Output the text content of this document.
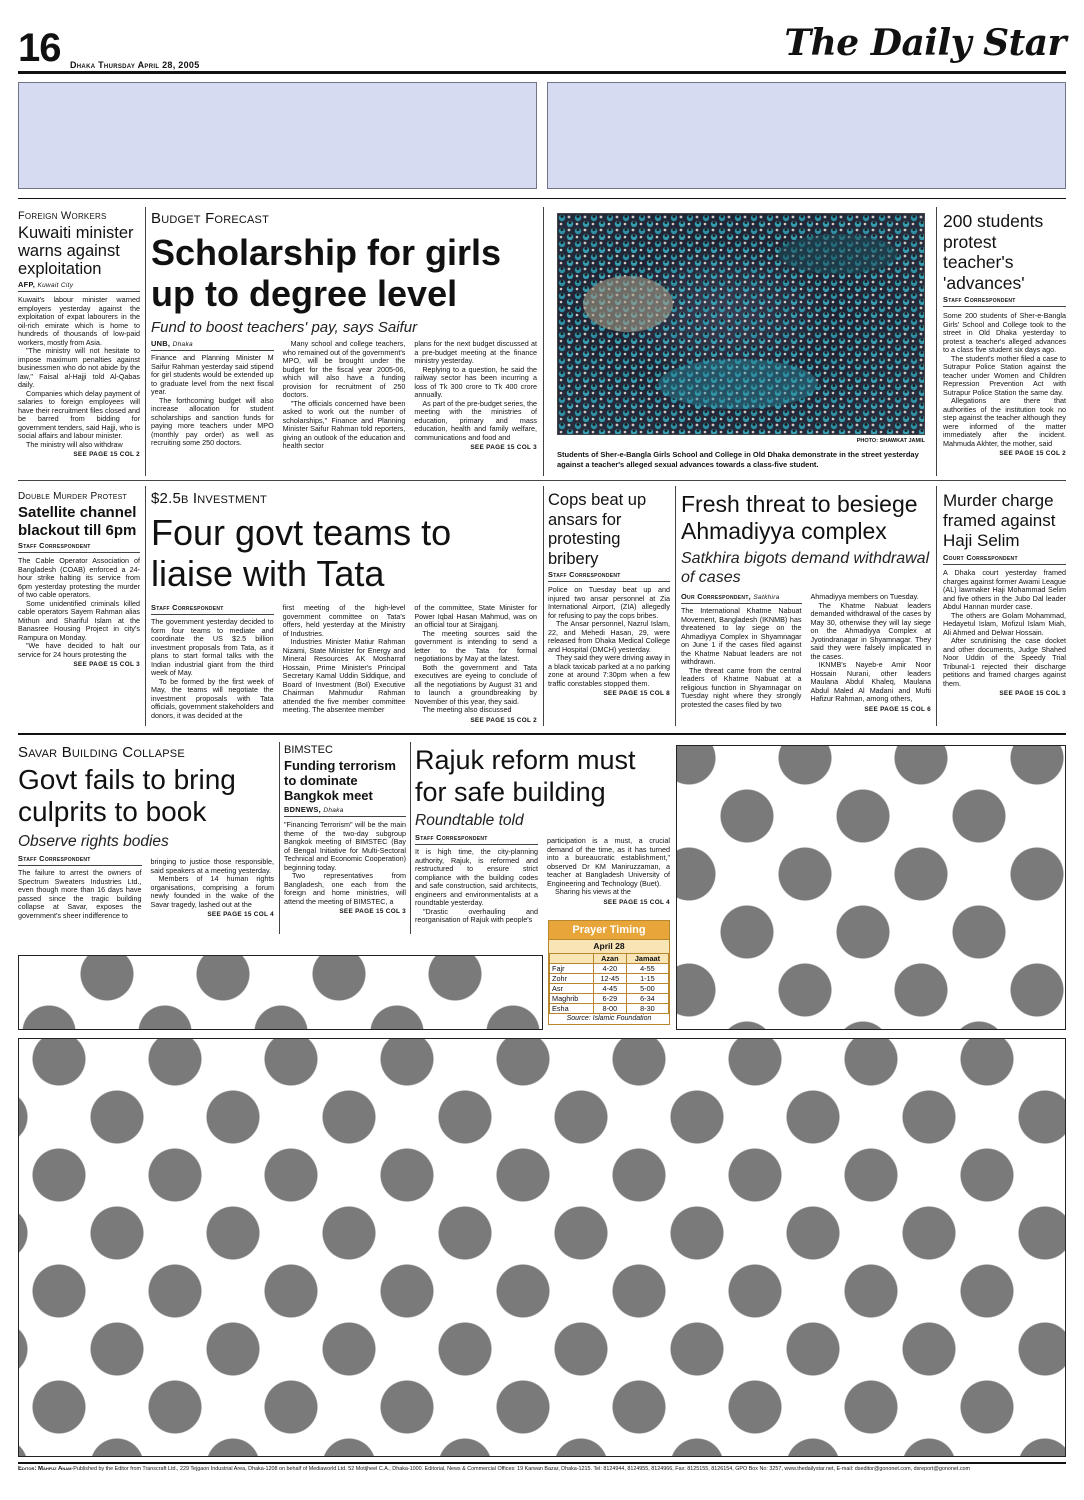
16 Dhaka Thursday April 28, 2005
The Daily Star
Foreign Workers
Kuwaiti minister warns against exploitation
AFP, Kuwait City

Kuwait's labour minister warned employers yesterday against the exploitation of expat labourers in the oil-rich emirate which is home to hundreds of thousands of low-paid workers, mostly from Asia.

"The ministry will not hesitate to impose maximum penalties against businessmen who do not abide by the law," Faisal al-Hajji told Al-Qabas daily.

Companies which delay payment of salaries to foreign employees will have their recruitment files closed and be barred from bidding for government tenders, said Hajji, who is social affairs and labour minister.

The ministry will also withdraw

SEE PAGE 15 COL 2
Budget Forecast
Scholarship for girls up to degree level
Fund to boost teachers' pay, says Saifur
UNB, Dhaka

Finance and Planning Minister M Saifur Rahman yesterday said stipend for girl students would be extended up to graduate level from the next fiscal year.

The forthcoming budget will also increase allocation for student scholarships and sanction funds for paying more teachers under MPO (monthly pay order) as well as recruiting some 250 doctors.

Many school and college teachers, who remained out of the government's MPO, will be brought under the budget for the fiscal year 2005-06, which will also have a funding provision for recruitment of 250 doctors.

"The officials concerned have been asked to work out the number of scholarships," Finance and Planning Minister Saifur Rahman told reporters, giving an outlook of the education and health sector

plans for the next budget discussed at a pre-budget meeting at the finance ministry yesterday.

Replying to a question, he said the railway sector has been incurring a loss of Tk 300 crore to Tk 400 crore annually.

As part of the pre-budget series, the meeting with the ministries of education, primary and mass education, health and family welfare, communications and food and

SEE PAGE 15 COL 3
PHOTO: SHAWKAT JAMIL
Students of Sher-e-Bangla Girls School and College in Old Dhaka demonstrate in the street yesterday against a teacher's alleged sexual advances towards a class-five student.
200 students protest teacher's 'advances'
Staff Correspondent

Some 200 students of Sher-e-Bangla Girls' School and College took to the street in Old Dhaka yesterday to protest a teacher's alleged advances to a class five student six days ago.

The student's mother filed a case to Sutrapur Police Station against the teacher under Women and Children Repression Prevention Act with Sutrapur Police Station the same day.

Allegations are there that authorities of the institution took no step against the teacher although they were informed of the matter immediately after the incident. Mahmuda Akhter, the mother, said

SEE PAGE 15 COL 2
Double Murder Protest
Satellite channel blackout till 6pm
Staff Correspondent

The Cable Operator Association of Bangladesh (COAB) enforced a 24-hour strike halting its service from 6pm yesterday protesting the murder of two cable operators.

Some unidentified criminals killed cable operators Sayem Rahman alias Mithun and Shariful Islam at the Banasree Housing Project in city's Rampura on Monday.

"We have decided to halt our service for 24 hours protesting the

SEE PAGE 15 COL 3
$2.5b Investment
Four govt teams to liaise with Tata
Staff Correspondent

The government yesterday decided to form four teams to mediate and coordinate the US $2.5 billion investment proposals from Tata, as it plans to start formal talks with the Indian industrial giant from the third week of May.

To be formed by the first week of May, the teams will negotiate the investment proposals with Tata officials, government stakeholders and donors, it was decided at the

first meeting of the high-level government committee on Tata's offers, held yesterday at the Ministry of Industries.

Industries Minister Matiur Rahman Nizami, State Minister for Energy and Mineral Resources AK Mosharraf Hossain, Prime Minister's Principal Secretary Kamal Uddin Siddique, and Board of Investment (BoI) Executive Chairman Mahmudur Rahman attended the five member committee meeting. The absentee member

of the committee, State Minister for Power Iqbal Hasan Mahmud, was on an official tour at Sirajganj.

The meeting sources said the government is intending to send a letter to the Tata for formal negotiations by May at the latest.

Both the government and Tata executives are eyeing to conclude of all the negotiations by August 31 and to launch a groundbreaking by November of this year, they said.

The meeting also discussed

SEE PAGE 15 COL 2
Cops beat up ansars for protesting bribery
Staff Correspondent

Police on Tuesday beat up and injured two ansar personnel at Zia International Airport, (ZIA) allegedly for refusing to pay the cops bribes.

The Ansar personnel, Nazrul Islam, 22, and Mehedi Hasan, 29, were released from Dhaka Medical College and Hospital (DMCH) yesterday.

They said they were driving away in a black taxicab parked at a no parking zone at around 7:30pm when a few traffic constables stopped them.

SEE PAGE 15 COL 8
Fresh threat to besiege Ahmadiyya complex
Satkhira bigots demand withdrawal of cases
Our Correspondent, Satkhira

The International Khatme Nabuat Movement, Bangladesh (IKNMB) has threatened to lay siege on the Ahmadiyya Complex in Shyamnagar on June 1 if the cases filed against the Khatme Nabuat leaders are not withdrawn.

The threat came from the central leaders of Khatme Nabuat at a religious function in Shyamnagar on Tuesday night where they strongly protested the cases filed by two

Ahmadiyya members on Tuesday.

The Khatme Nabuat leaders demanded withdrawal of the cases by May 30, otherwise they will lay siege on the Ahmadiyya Complex at Jyotindranagar in Shyamnagar. They said they were falsely implicated in the cases.

IKNMB's Nayeb-e Amir Noor Hossain Nurani, other leaders Maulana Abdul Khaleq, Maulana Abdul Maled Al Madani and Mufti Hafizur Rahman, among others,

SEE PAGE 15 COL 6
Murder charge framed against Haji Selim
Court Correspondent

A Dhaka court yesterday framed charges against former Awami League (AL) lawmaker Haji Mohammad Selim and five others in the Jubo Dal leader Abdul Hannan murder case.

The others are Golam Mohammad, Hedayetul Islam, Mofizul Islam Miah, Ali Ahmed and Delwar Hossain.

After scrutinising the case docket and other documents, Judge Shahed Noor Uddin of the Speedy Trial Tribunal-1 rejected their discharge petitions and framed charges against them.

SEE PAGE 15 COL 3
Savar Building Collapse
Govt fails to bring culprits to book
Observe rights bodies
Staff Correspondent

The failure to arrest the owners of Spectrum Sweaters Industries Ltd., even though more than 16 days have passed since the tragic building collapse at Savar, exposes the government's sheer indifference to

bringing to justice those responsible, said speakers at a meeting yesterday.

Members of 14 human rights organisations, comprising a forum newly founded in the wake of the Savar tragedy, lashed out at the

SEE PAGE 15 COL 4
BIMSTEC
Funding terrorism to dominate Bangkok meet
BDNEWS, Dhaka

"Financing Terrorism" will be the main theme of the two-day subgroup Bangkok meeting of BIMSTEC (Bay of Bengal Initiative for Multi-Sectoral Technical and Economic Cooperation) beginning today.

Two representatives from Bangladesh, one each from the foreign and home ministries, will attend the meeting of BIMSTEC, a

SEE PAGE 15 COL 3
Rajuk reform must for safe building
Roundtable told
Staff Correspondent

It is high time, the city-planning authority, Rajuk, is reformed and restructured to ensure strict compliance with the building codes and safe construction, said architects, engineers and environmentalists at a roundtable yesterday.

"Drastic overhauling and reorganisation of Rajuk with people's

participation is a must, a crucial demand of the time, as it has turned into a bureaucratic establishment," observed Dr KM Maniruzzaman, a teacher at Bangladesh University of Engineering and Technology (Buet).

Sharing his views at the

SEE PAGE 15 COL 4
Prayer Timing
April 28
	Azan	Jamaat
Fajr	4-20	4-55
Zohr	12-45	1-15
Asr	4-45	5-00
Maghrib	6-29	6-34
Esha	8-00	8-30
Source: Islamic Foundation
Editor: Mahfuz Anam-Published by the Editor from Transcraft Ltd., 229 Tejgaon Industrial Area, Dhaka-1208 on behalf of Mediaworld Ltd. 52 Motijheel C.A., Dhaka-1000. Editorial, News & Commercial Offices: 19 Karwan Bazar, Dhaka-1215. Tel: 8124944, 8124955, 8124966, Fax: 8125155, 8126154, GPO Box No: 3257, www.thedailystar.net, E-mail: dseditor@gononet.com, dsreport@gononet.com
